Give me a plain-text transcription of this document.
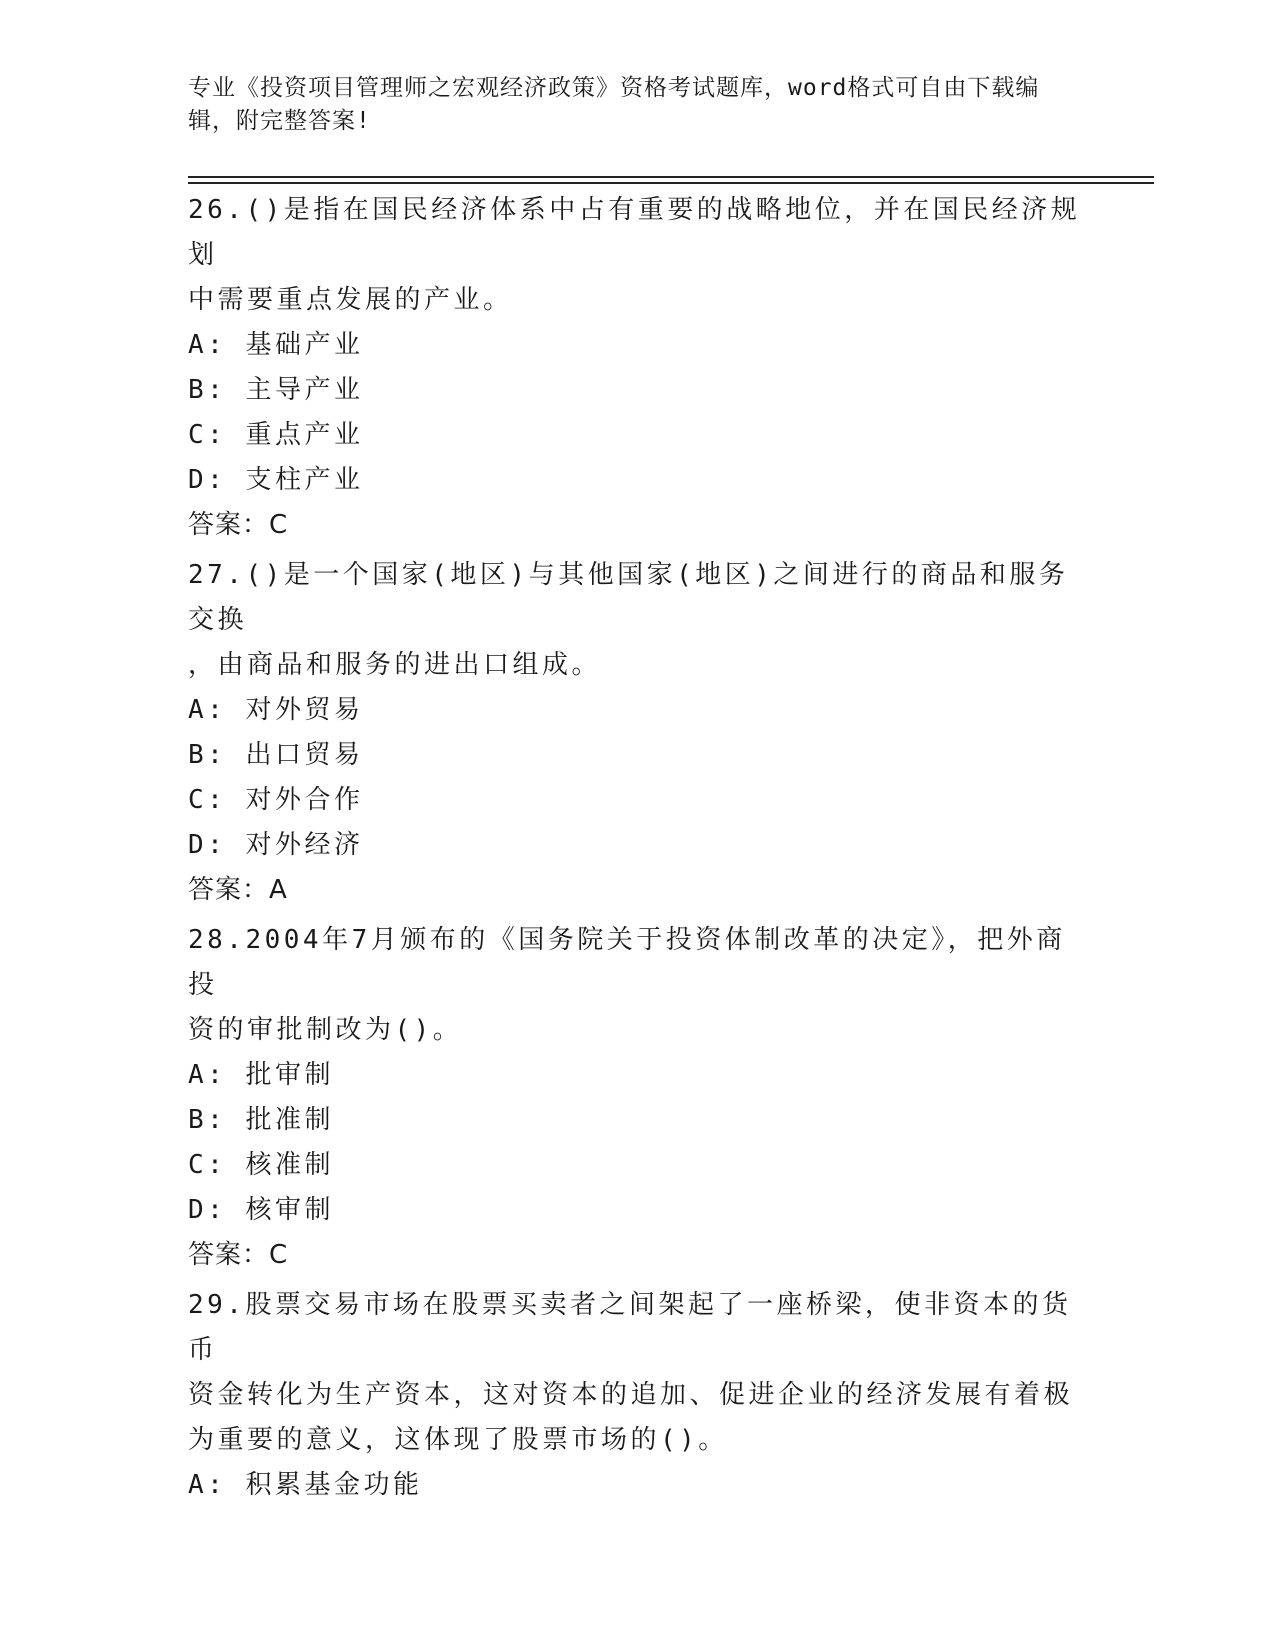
专业《投资项目管理师之宏观经济政策》资格考试题库，word格式可自由下载编
辑，附完整答案!

26.()是指在国民经济体系中占有重要的战略地位，并在国民经济规划

中需要重点发展的产业。

A: 基础产业

B: 主导产业

C: 重点产业

D: 支柱产业

答案：C

27.()是一个国家(地区)与其他国家(地区)之间进行的商品和服务交换

，由商品和服务的进出口组成。

A: 对外贸易

B: 出口贸易

C: 对外合作

D: 对外经济

答案：A

28.2004年7月颁布的《国务院关于投资体制改革的决定》，把外商投

资的审批制改为()。

A: 批审制

B: 批准制

C: 核准制

D: 核审制

答案：C

29.股票交易市场在股票买卖者之间架起了一座桥梁，使非资本的货币

资金转化为生产资本，这对资本的追加、促进企业的经济发展有着极

为重要的意义，这体现了股票市场的()。

A: 积累基金功能
